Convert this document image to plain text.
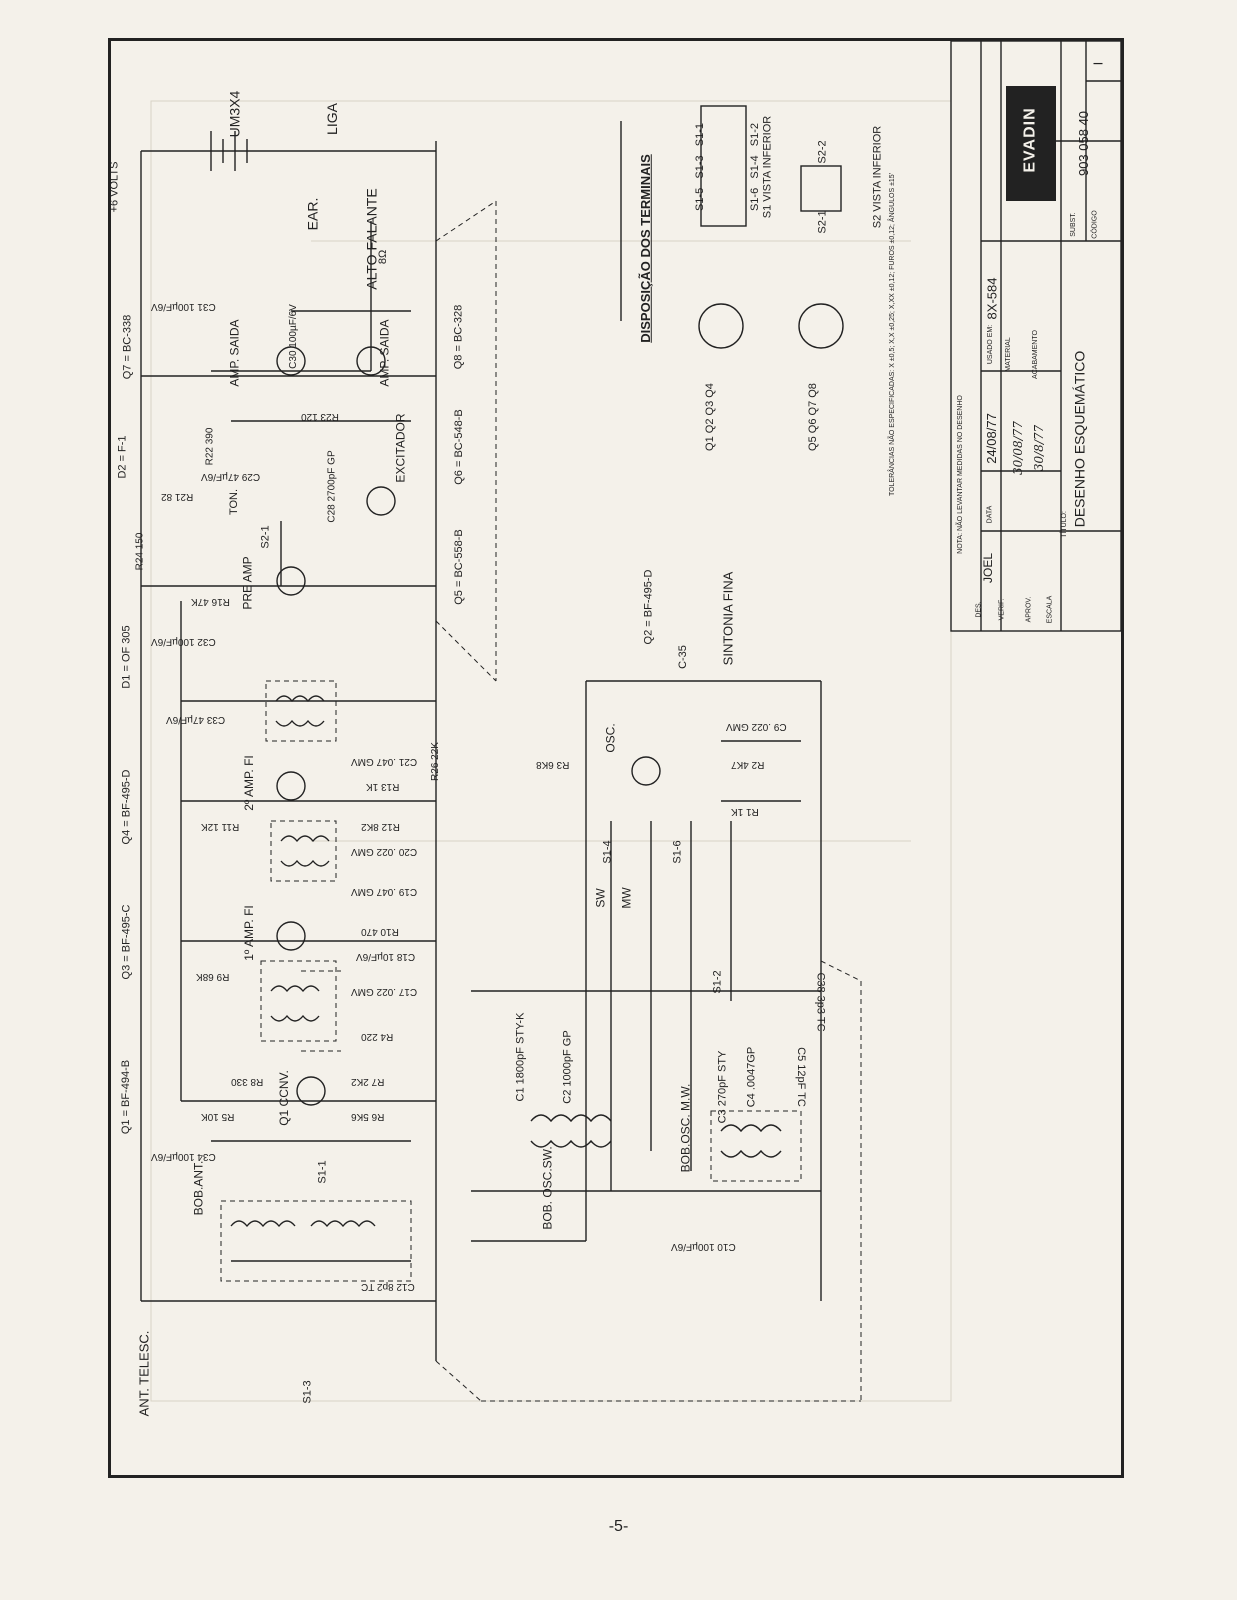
+6 VOLTS
UM3X4	LIGA
EAR.	ALTO FALANTE
8Ω
Q7 = BC-338
D2 = F-1
D1 = OF 305
Q4 = BF-495-D
Q3 = BF-495-C
Q1 = BF-494-B
Q8 = BC-328
Q6 = BC-548-B
Q5 = BC-558-B
Q2 = BF-495-D
AMP. SAIDA	AMP. SAIDA
EXCITADOR
PRE AMP
2º AMP. FI
1º AMP. FI
Q1 CCNV.
OSC.
R24 150
R21 82
R22 390
R23 120
R16 47K
R11 12K
R9 68K
R5 10K	R6 5K6
R7 2K2
R8 330
R4 220
R10 470
R12 8K2
R13 1K
R26 22K	R3 6K8	R2 4K7
R1 1K
C9 .022 GMV
C10 100µF/6V
C1 1800pF STY-K	C2 1000pF GP	C3 270pF STY C4 .0047GP	C5 12pF TC
C38 3p3 TC
C12 8p2 TC
C34 100µF/6V
C31 100µF/6V	C30 100µF/6V
C32 100µF/6V
C33 47µF/6V
C28 2700pF GP
C29 47µF/6V
C21 .047 GMV
C20 .022 GMV
C19 .047 GMV
C18 10µF/6V
C17 .022 GMV
BOB.ANT.	BOB. OSC.SW.
BOB.OSC. M.W.
ANT. TELESC.
SINTONIA FINA
C-35
TON.
S1-3
S1-1
S1-2
S1-4	S1-6
S2-1
SW MW
DISPOSIÇÃO DOS TERMINAIS	S1-5   S1-3   S1-1
S1-6   S1-4   S1-2 S1 VISTA INFERIOR
S2-1
S2-2	S2 VISTA INFERIOR
Q1 Q2 Q3 Q4	Q5 Q6 Q7 Q8	NOTA: NÃO LEVANTAR MEDIDAS NO DESENHO
TOLERÂNCIAS NÃO ESPECIFICADAS: X ±0,5; X,X ±0,25; X,XX ±0,12; FUROS ±0,12; ÂNGULOS ±15'
DES.
JOEL
DATA
24/08/77
USADO EM:
8X-584
VERIF.
30/08/77
APROV.
30/8/77
MATERIAL	ACABAMENTO
ESCALA
TÍTULO: DESENHO ESQUEMÁTICO
EVADIN
SUBST. CÓDIGO
903 058 40
I
-5-
